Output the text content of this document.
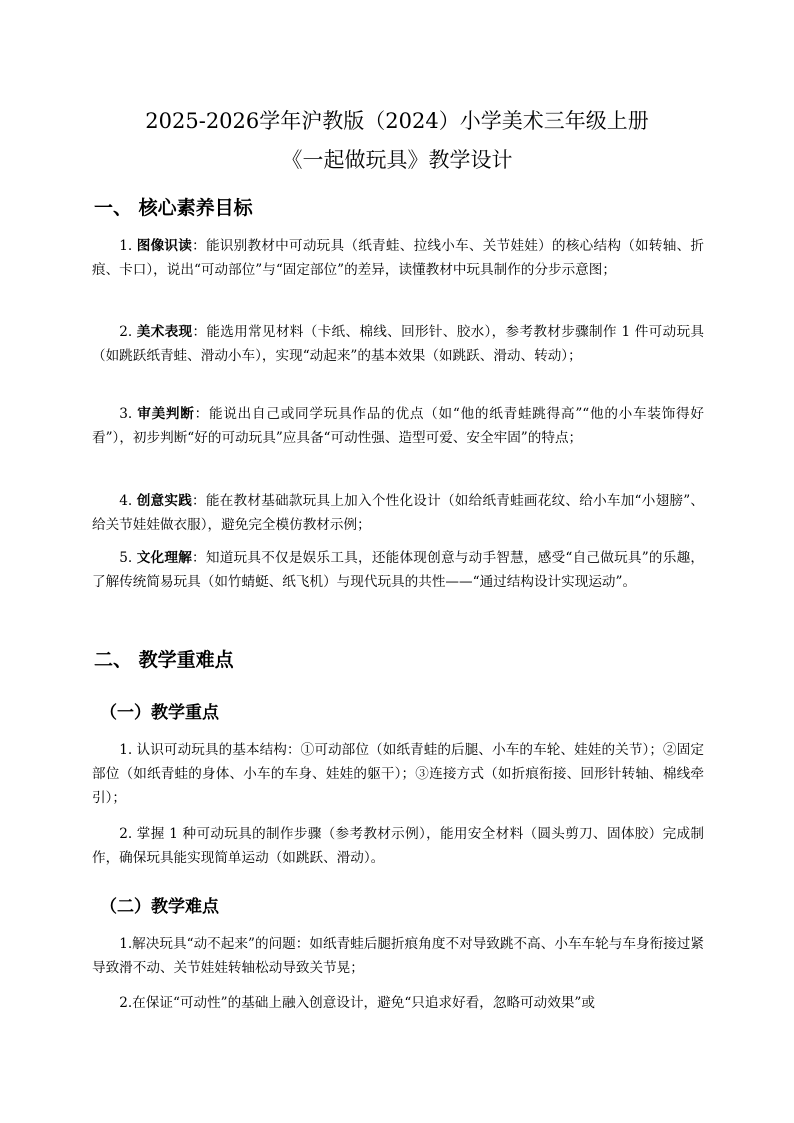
2025-2026学年沪教版（2024）小学美术三年级上册
《一起做玩具》教学设计
一、 核心素养目标
1. 图像识读：能识别教材中可动玩具（纸青蛙、拉线小车、关节娃娃）的核心结构（如转轴、折痕、卡口），说出“可动部位”与“固定部位”的差异，读懂教材中玩具制作的分步示意图；
2. 美术表现：能选用常见材料（卡纸、棉线、回形针、胶水），参考教材步骤制作 1 件可动玩具（如跳跃纸青蛙、滑动小车），实现“动起来”的基本效果（如跳跃、滑动、转动）；
3. 审美判断：能说出自己或同学玩具作品的优点（如“他的纸青蛙跳得高”“他的小车装饰得好看”），初步判断“好的可动玩具”应具备“可动性强、造型可爱、安全牢固”的特点；
4. 创意实践：能在教材基础款玩具上加入个性化设计（如给纸青蛙画花纹、给小车加“小翅膀”、给关节娃娃做衣服），避免完全模仿教材示例；
5. 文化理解：知道玩具不仅是娱乐工具，还能体现创意与动手智慧，感受“自己做玩具”的乐趣，了解传统简易玩具（如竹蜻蜓、纸飞机）与现代玩具的共性——“通过结构设计实现运动”。
二、 教学重难点
（一）教学重点
1. 认识可动玩具的基本结构：①可动部位（如纸青蛙的后腿、小车的车轮、娃娃的关节）；②固定部位（如纸青蛙的身体、小车的车身、娃娃的躯干）；③连接方式（如折痕衔接、回形针转轴、棉线牵引）；
2. 掌握 1 种可动玩具的制作步骤（参考教材示例），能用安全材料（圆头剪刀、固体胶）完成制作，确保玩具能实现简单运动（如跳跃、滑动）。
（二）教学难点
1.解决玩具“动不起来”的问题：如纸青蛙后腿折痕角度不对导致跳不高、小车车轮与车身衔接过紧导致滑不动、关节娃娃转轴松动导致关节晃；
2.在保证“可动性”的基础上融入创意设计，避免“只追求好看，忽略可动效果”或
